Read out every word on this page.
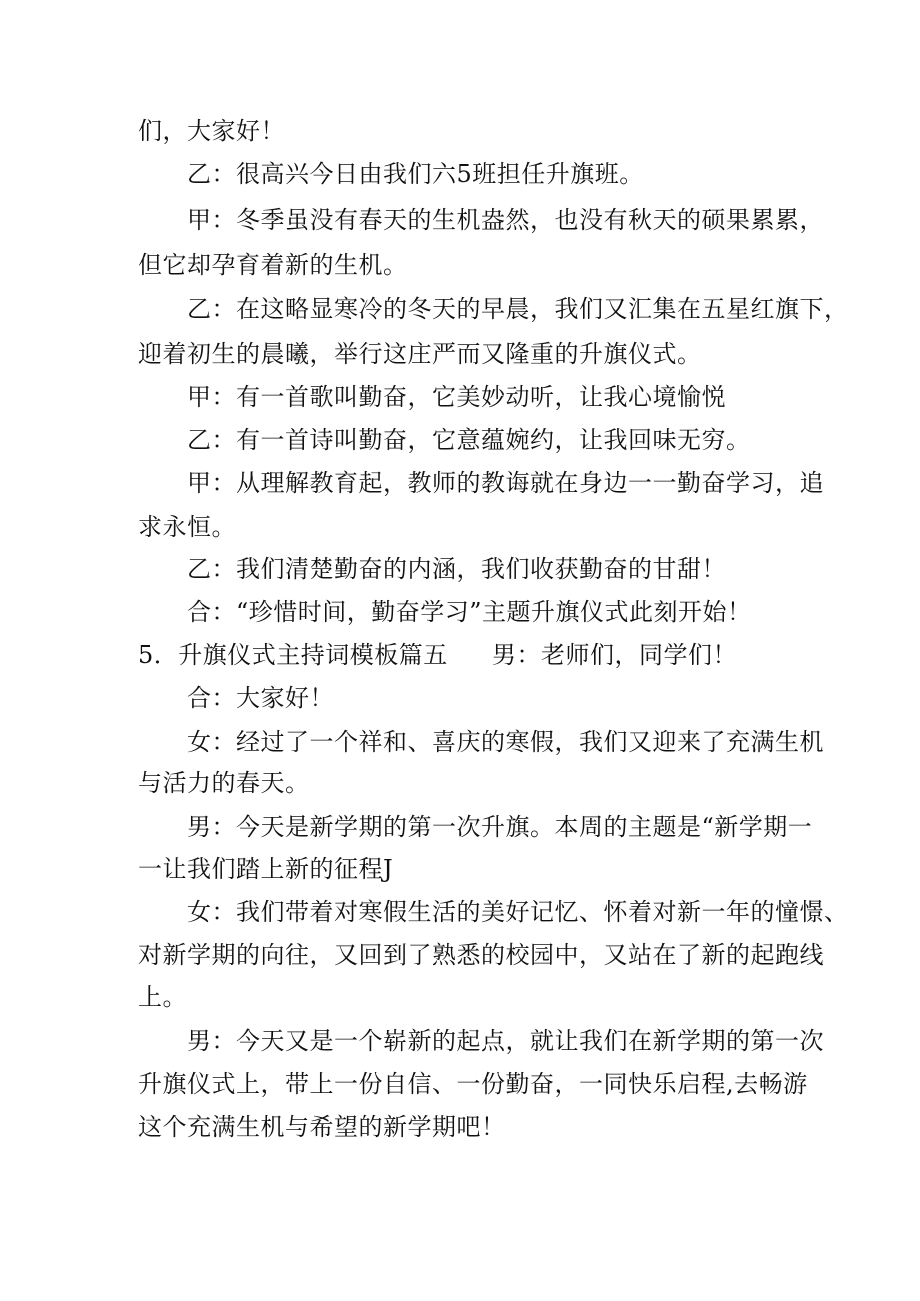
们，大家好！
乙：很高兴今日由我们六5班担任升旗班。
甲：冬季虽没有春天的生机盎然，也没有秋天的硕果累累，
但它却孕育着新的生机。
乙：在这略显寒冷的冬天的早晨，我们又汇集在五星红旗下，
迎着初生的晨曦，举行这庄严而又隆重的升旗仪式。
甲：有一首歌叫勤奋，它美妙动听，让我心境愉悦
乙：有一首诗叫勤奋，它意蕴婉约，让我回味无穷。
甲：从理解教育起，教师的教诲就在身边一一勤奋学习，追
求永恒。
乙：我们清楚勤奋的内涵，我们收获勤奋的甘甜！
合：“珍惜时间，勤奋学习”主题升旗仪式此刻开始！
5．升旗仪式主持词模板篇五 男：老师们，同学们！
合：大家好！
女：经过了一个祥和、喜庆的寒假，我们又迎来了充满生机
与活力的春天。
男：今天是新学期的第一次升旗。本周的主题是“新学期一
一让我们踏上新的征程J
女：我们带着对寒假生活的美好记忆、怀着对新一年的憧憬、
对新学期的向往，又回到了熟悉的校园中，又站在了新的起跑线
上。
男：今天又是一个崭新的起点，就让我们在新学期的第一次
升旗仪式上，带上一份自信、一份勤奋，一同快乐启程,去畅游
这个充满生机与希望的新学期吧！
